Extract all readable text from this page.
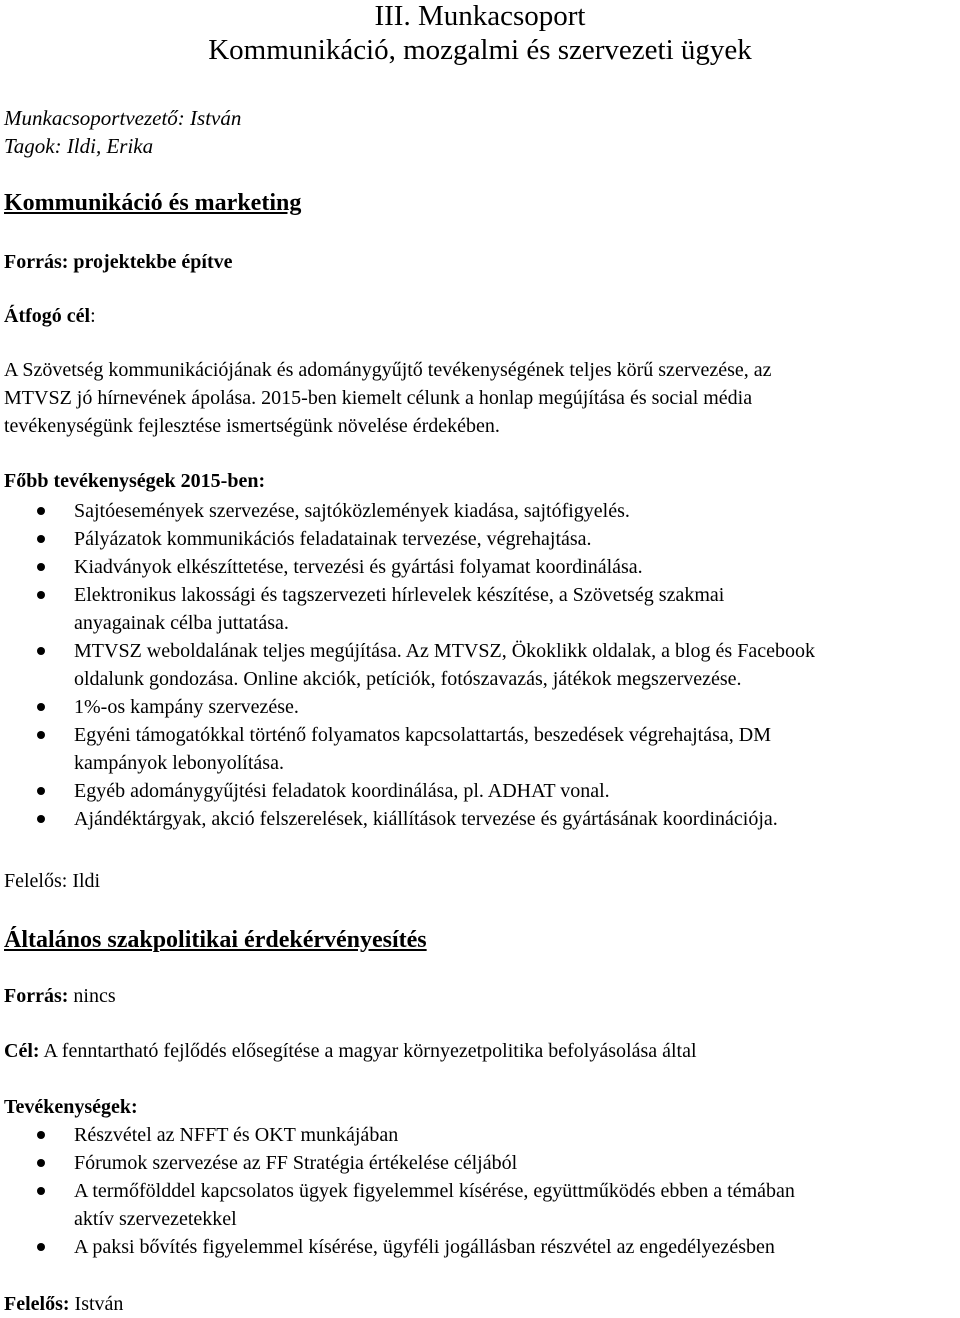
III. Munkacsoport
Kommunikáció, mozgalmi és szervezeti ügyek
Munkacsoportvezető: István
Tagok: Ildi, Erika
Kommunikáció és marketing
Forrás: projektekbe építve
Átfogó cél:
A Szövetség kommunikációjának és adománygyűjtő tevékenységének teljes körű szervezése, az
MTVSZ jó hírnevének ápolása. 2015-ben kiemelt célunk a honlap megújítása és social média
tevékenységünk fejlesztése ismertségünk növelése érdekében.
Főbb tevékenységek 2015-ben:
Sajtóesemények szervezése, sajtóközlemények kiadása, sajtófigyelés.
Pályázatok kommunikációs feladatainak tervezése, végrehajtása.
Kiadványok elkészíttetése, tervezési és gyártási folyamat koordinálása.
Elektronikus lakossági és tagszervezeti hírlevelek készítése, a Szövetség szakmai
anyagainak célba juttatása.
MTVSZ weboldalának teljes megújítása. Az MTVSZ, Ökoklikk oldalak, a blog és Facebook
oldalunk gondozása. Online akciók, petíciók, fotószavazás, játékok megszervezése.
1%-os kampány szervezése.
Egyéni támogatókkal történő folyamatos kapcsolattartás, beszedések végrehajtása, DM
kampányok lebonyolítása.
Egyéb adománygyűjtési feladatok koordinálása, pl. ADHAT vonal.
Ajándéktárgyak, akció felszerelések, kiállítások tervezése és gyártásának koordinációja.
Felelős: Ildi
Általános szakpolitikai érdekérvényesítés
Forrás: nincs
Cél: A fenntartható fejlődés elősegítése a magyar környezetpolitika befolyásolása által
Tevékenységek:
Részvétel az NFFT és OKT munkájában
Fórumok szervezése az FF Stratégia értékelése céljából
A termőfölddel kapcsolatos ügyek figyelemmel kísérése, együttműködés ebben a témában
aktív szervezetekkel
A paksi bővítés figyelemmel kísérése, ügyféli jogállásban részvétel az engedélyezésben
Felelős: István
